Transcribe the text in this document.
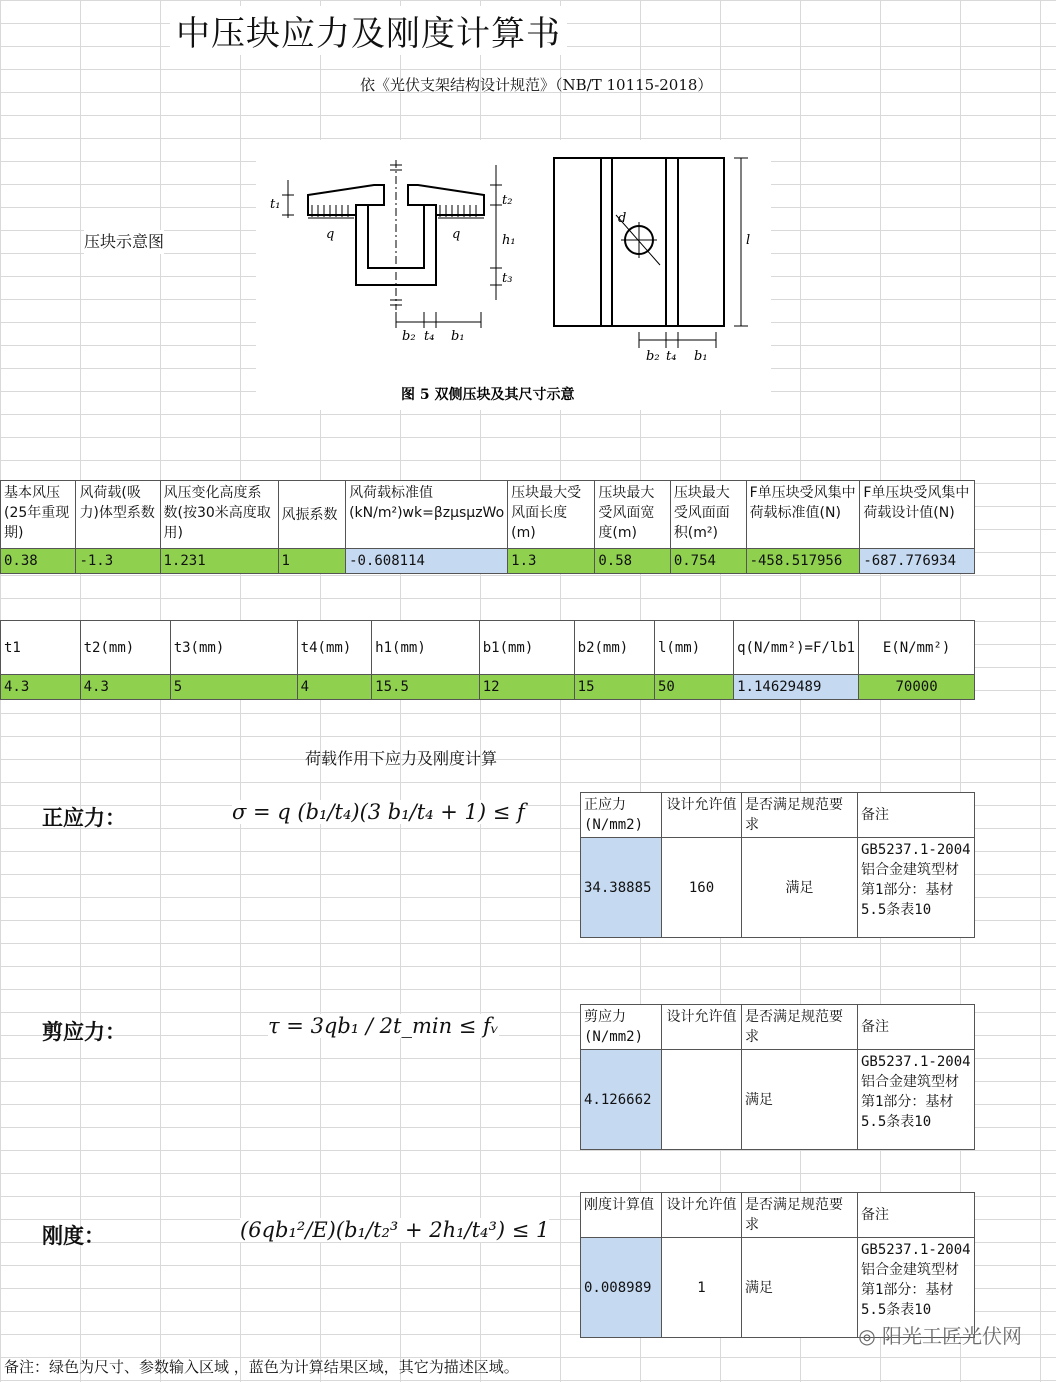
中压块应力及刚度计算书
依《光伏支架结构设计规范》（NB/T 10115-2018）
压块示意图
t₁
q	q
t₂
h₁
t₃
b₂ t₄ b₁
d
l
b₂ t₄ b₁
图 5 双侧压块及其尺寸示意
基本风压(25年重现期)	风荷载(吸力)体型系数	风压变化高度系数(按30米高度取用)	风振系数	风荷载标准值(kN/m²)wk=βzμsμzWo	压块最大受风面长度(m)	压块最大受风面宽度(m)	压块最大受风面面积(m²)	F单压块受风集中荷载标准值(N)	F单压块受风集中荷载设计值(N)
0.38	-1.3	1.231	1	-0.608114	1.3	0.58	0.754	-458.517956	-687.776934
t1	t2(mm)	t3(mm)	t4(mm)	h1(mm)	b1(mm)	b2(mm)	l(mm)	q(N/mm²)=F/lb1	E(N/mm²)
4.3	4.3	5	4	15.5	12	15	50	1.14629489	70000
荷载作用下应力及刚度计算
正应力：	σ = q (b₁/t₄)(3 b₁/t₄ + 1) ≤ f	正应力(N/mm2)	设计允许值	是否满足规范要求	备注
34.38885	160	满足	GB5237.1-2004 铝合金建筑型材 第1部分：基材5.5条表10
剪应力：	τ = 3qb₁ / 2t_min ≤ fᵥ	剪应力(N/mm2)	设计允许值	是否满足规范要求	备注
4.126662		满足	GB5237.1-2004 铝合金建筑型材 第1部分：基材5.5条表10
刚度：	(6qb₁²/E)(b₁/t₂³ + 2h₁/t₄³) ≤ 1
刚度计算值	设计允许值	是否满足规范要求	备注
0.008989	1	满足	GB5237.1-2004 铝合金建筑型材 第1部分：基材5.5条表10
◎ 阳光工匠光伏网
备注：绿色为尺寸、参数输入区域 ，蓝色为计算结果区域，其它为描述区域。
